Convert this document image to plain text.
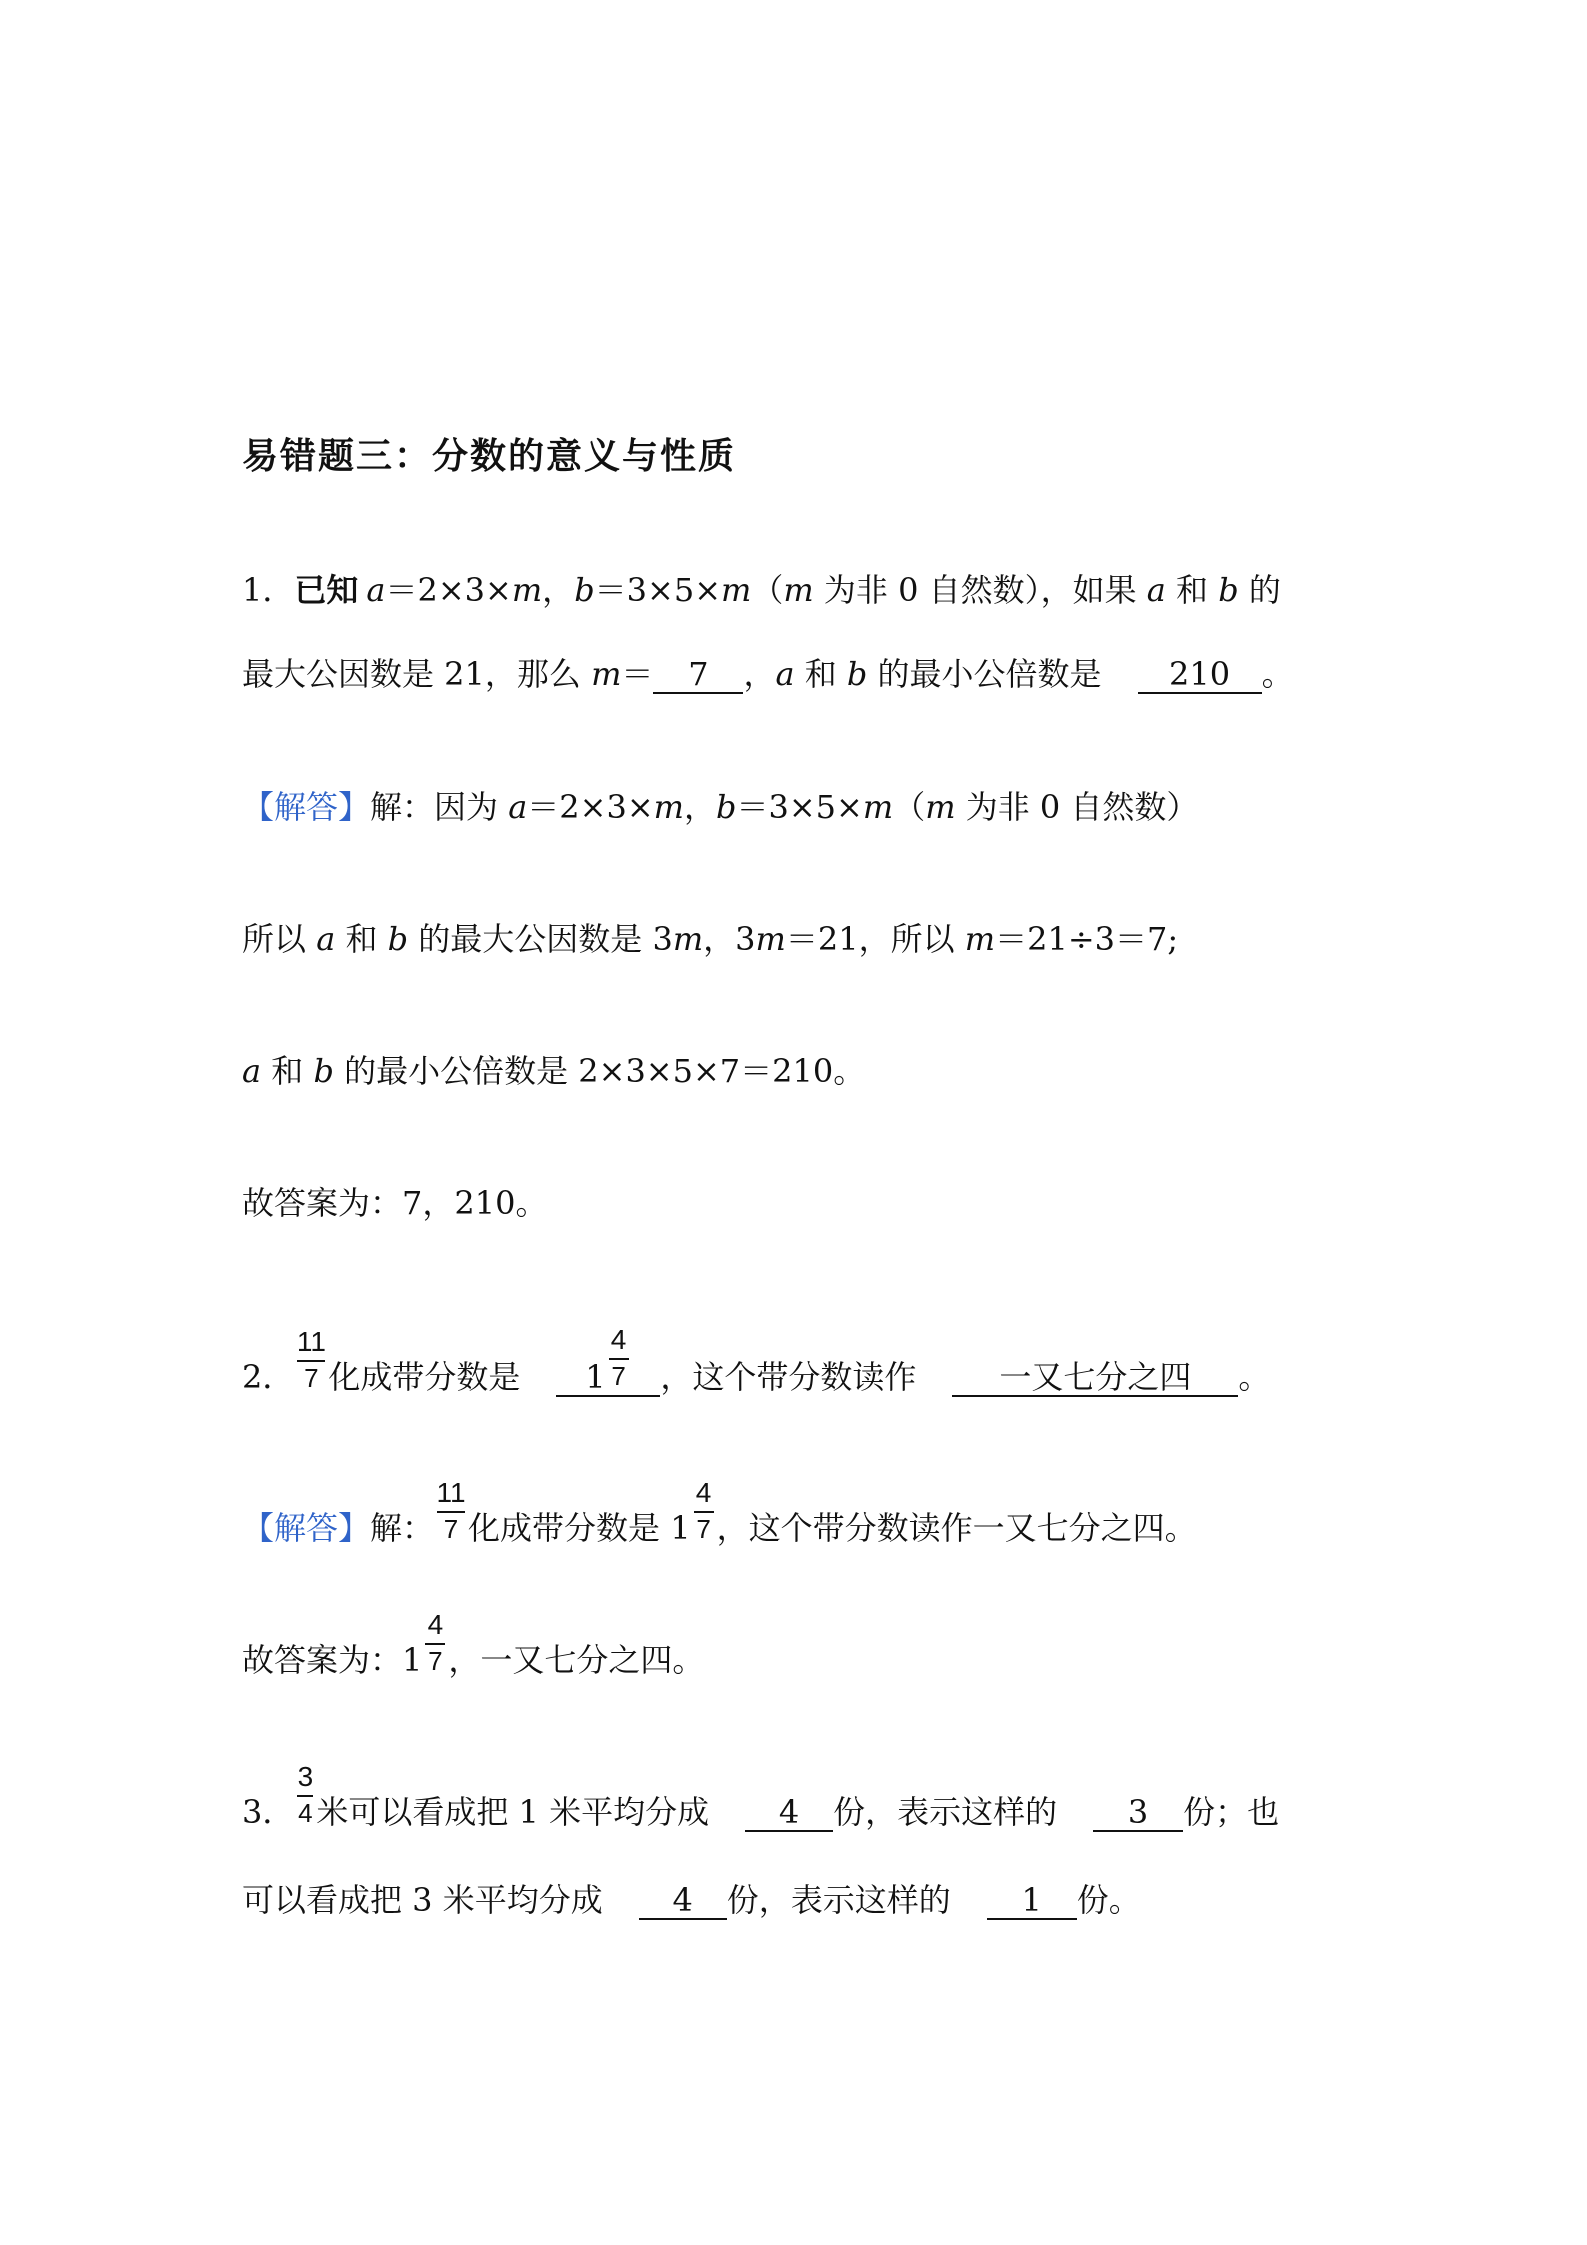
易错题三：分数的意义与性质
1．已知 a＝2×3×m，b＝3×5×m（m 为非 0 自然数），如果 a 和 b 的
最大公因数是 21，那么 m＝ 7 ，a 和 b 的最小公倍数是 210 。
【解答】解：因为 a＝2×3×m，b＝3×5×m（m 为非 0 自然数）
所以 a 和 b 的最大公因数是 3m，3m＝21，所以 m＝21÷3＝7;
a 和 b 的最小公倍数是 2×3×5×7＝210。
故答案为：7，210。
2． $\frac{11}{7}$ 化成带分数是 $1 \frac{4}{7}$ ，这个带分数读作	一又七分之四 。
【解答】解： $\frac{11}{7}$ 化成带分数是 $1 \frac{4}{7}$ ，这个带分数读作一又七分之四。
故答案为：$1 \frac{4}{7}$ ，一又七分之四。
3． $\frac{3}{4}$ 米可以看成把 1 米平均分成 4 份，表示这样的 3 份；也
可以看成把 3 米平均分成 4 份，表示这样的 1 份。
